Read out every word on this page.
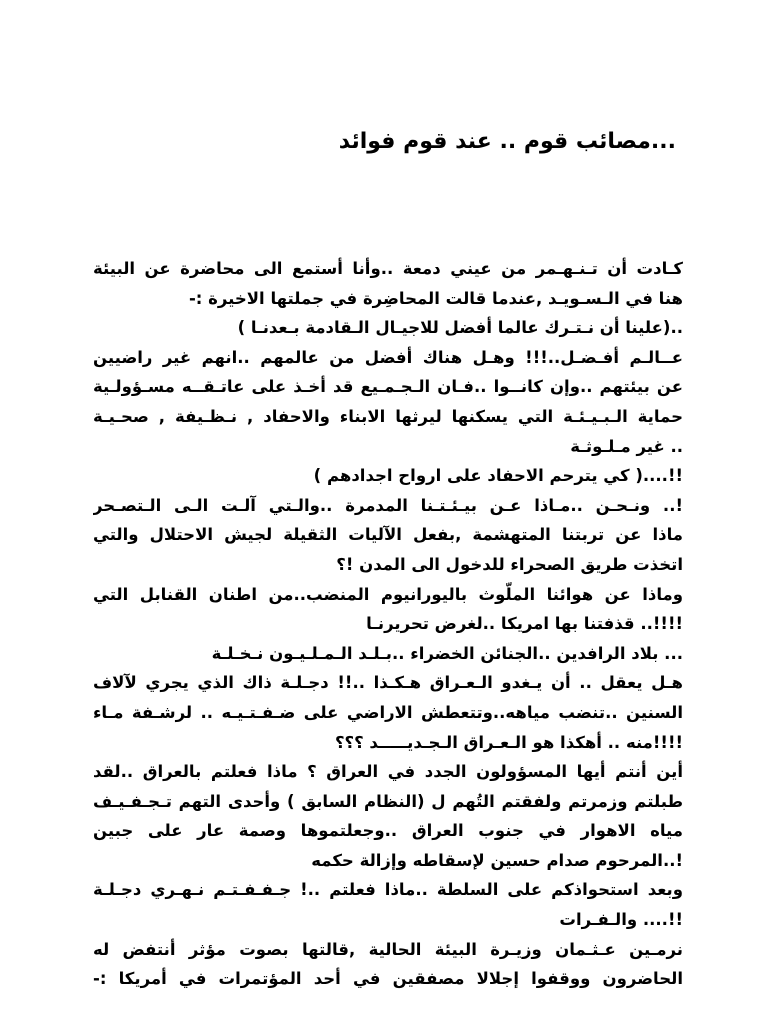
...مصائب قوم .. عند قوم فوائد
كـادت أن تـنـهـمر من عيني دمعة ..وأنا أستمع الى محاضرة عن البيئة
هنا في الـسـويـد ,عندما قالت المحاضِرة في جملتها الاخيرة :-
..(علينا أن نـتـرك عالما أفضل للاجيـال الـقادمة بـعدنـا )
عــالـم أفـضـل..!!! وهـل هناك أفضل من عالمهم ..انهم غير راضيين
عن بيئتهم ..وإن كانــوا ..فـان الـجـمـيع قد أخـذ على عاتـقــه مسـؤولـية
حماية الـبـيـئـة التي يسكنها ليرثها الابناء والاحفاد , نـظـيفة , صحـيـة
.. غير مـلـوثـة
!!....( كي يترحم الاحفاد على ارواح اجدادهم )
!.. ونـحـن ..مـاذا عـن بيـئـتـنا المدمرة ..والـتي آلـت الـى الـتصـحر
ماذا عن تربتنا المتهشمة ,بفعل الآليات الثقيلة لجيش الاحتلال والتي
اتخذت طريق الصحراء للدخول الى المدن !؟
وماذا عن هوائنا الملّوث باليورانيوم المنضب..من اطنان القنابل التي
!!!!.. قذفتنا بها امريكا ..لغرض تحريرنـا
... بلاد الرافدين ..الجنائن الخضراء ..بـلـد الـمـلـيـون نـخـلـة
هـل يعقل .. أن يـغدو الـعـراق هـكـذا ..!! دجـلـة ذاك الذي يجري لآلاف
السنين ..تنضب مياهه..وتتعطش الاراضي على ضـفـتـيـه .. لرشـفة مـاء
!!!!منه .. أهكذا هو الـعـراق الـجـديـــــد ؟؟؟
أين أنتم أيها المسؤولون الجدد في العراق ؟ ماذا فعلتم بالعراق ..لقد
طبلتم وزمرتم ولفقتم التُهم ل (النظام السابق ) وأحدى التهم تـجـفـيـف
مياه الاهوار في جنوب العراق ..وجعلتموها وصمة عار على جبين
!..المرحوم صدام حسين لإسقاطه وإزالة حكمه
وبعد استحواذكم على السلطة ..ماذا فعلتم ..! جـفـفـتـم نـهـري دجـلـة
!!.... والـفـرات
نرمـين عـثـمان وزيـرة البيئة الحالية ,قالتها بصوت مؤثر أنتفض له
الحاضرون ووقفوا إجلالا مصفقين في أحد المؤتمرات في أمريكا :-
